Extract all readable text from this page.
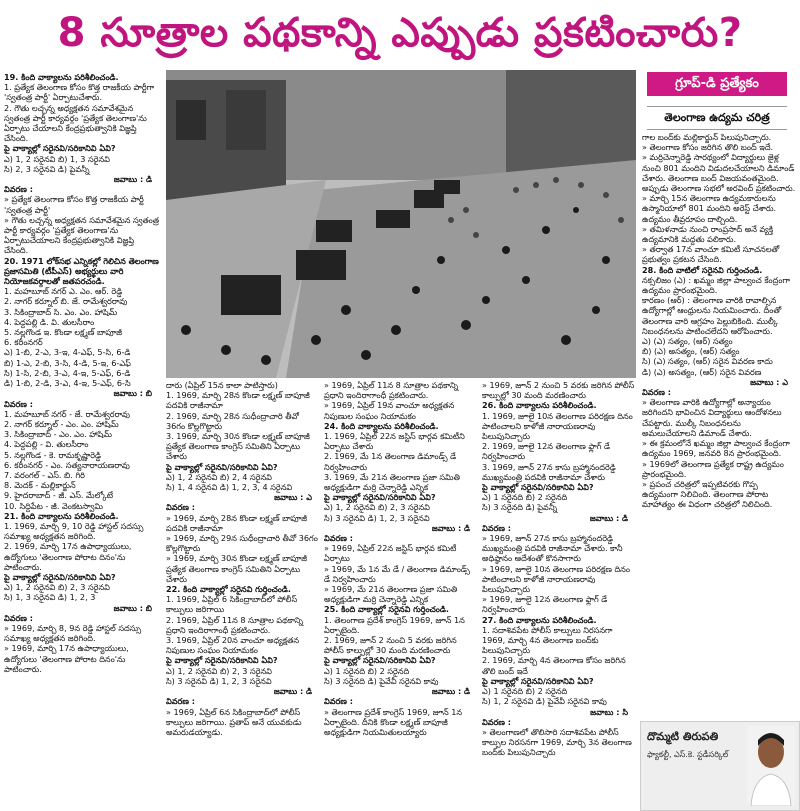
8 సూత్రాల పథకాన్ని ఎప్పుడు ప్రకటించారు?

19. కింది వాక్యాలను పరిశీలించండి.

1. ప్రత్యేక తెలంగాణ కోసం కొత్త రాజకీయ పార్టీగా 'స్వతంత్ర పార్టీ' ఏర్పాటుచేశారు.

2. గౌతు లచ్చన్న అధ్యక్షతన సమావేశమైన స్వతంత్ర పార్టీ కార్యవర్గం 'ప్రత్యేక తెలంగాణ'ను ఏర్పాటు చేయాలని కేంద్రప్రభుత్వానికి విజ్ఞప్తి చేసింది.

పై వాక్యాల్లో సరైనవి/సరికానివి ఏవి?

ఎ) 1, 2 సరైనవి బి) 1, 3 సరైనవి

సి) 2, 3 సరైనవి డి) పైవన్నీ

జవాబు : డి

వివరణ :

» ప్రత్యేక తెలంగాణ కోసం కొత్త రాజకీయ పార్టీ 'స్వతంత్ర పార్టీ'

» గౌతు లచ్చన్న అధ్యక్షతన సమావేశమైన స్వతంత్ర పార్టీ కార్యవర్గం 'ప్రత్యేక తెలంగాణ'ను ఏర్పాటుచేయాలని కేంద్రప్రభుత్వానికి విజ్ఞప్తి చేసింది.

20. 1971 లోక్‌సభ ఎన్నికల్లో గెలిచిన తెలంగాణ ప్రజాసమితి (టీపీఎస్) అభ్యర్థులు వారి నియోజకవర్గాలతో జతపరచండి.

1. మహబూబ్ నగర్ ఎ. ఎం. ఆర్. రెడ్డి

2. నాగర్ కర్నూల్ బి. జే. రామేశ్వరరావు

3. సికింద్రాబాద్ సి. ఎం. ఎం. హాషిమ్

4. పెద్దపల్లి డి. వి. తులసీరాం

5. నల్లగొండ ఇ. కొండా లక్ష్మణ్ బాపూజీ

6. కరీంనగర్

ఎ) 1-బి, 2-ఎ, 3-ఇ, 4-ఎఫ్, 5-సి, 6-డి

బి) 1-ఎ, 2-బి, 3-సి, 4-డి, 5-ఇ, 6-ఎఫ్

సి) 1-సి, 2-బి, 3-ఎ, 4-ఇ, 5-ఎఫ్, 6-డి

డి) 1-బి, 2-డి, 3-ఎ, 4-ఇ, 5-ఎఫ్, 6-సి

జవాబు : బి

వివరణ :

1. మహబూబ్ నగర్ - జే. రామేశ్వరరావు

2. నాగర్ కర్నూల్ - ఎం. ఎం. హాషిమ్

3. సికింద్రాబాద్ - ఎం. ఎం. హాషిమ్

4. పెద్దపల్లి - వి. తులసీరాం

5. నల్లగొండ - కె. రామకృష్ణారెడ్డి

6. కరీంనగర్ - ఎం. సత్యనారాయణరావు

7. వరంగల్ - ఎస్. బి. గిరి

8. మెదక్ - మల్లికార్జున్

9. హైదరాబాద్ - జీ. ఎస్. మేల్కోటే

10. సిద్దిపేట - జీ. వెంకటస్వామి

21. కింది వాక్యాలను పరిశీలించండి.

1. 1969, మార్చి 9, 10 రెడ్డి హాస్టల్ సదస్సు సమాఖ్య అధ్యక్షతన జరిగింది.

2. 1969, మార్చి 17న ఉపాధ్యాయులు, ఉద్యోగులు 'తెలంగాణ పోరాట దినం'ను పాటించారు.

పై వాక్యాల్లో సరైనవి/సరికానివి ఏవి?

ఎ) 1, 2 సరైనవి బి) 2, 3 సరైనవి

సి) 1, 3 సరైనవి డి) 1, 2, 3

జవాబు : బి

వివరణ :

» 1969, మార్చి 8, 9న రెడ్డి హాస్టల్ సదస్సు సమాఖ్య అధ్యక్షతన జరిగింది.

» 1969, మార్చి 17న ఉపాధ్యాయులు, ఉద్యోగులు 'తెలంగాణ పోరాట దినం'ను పాటించారు.

దారు (ఏప్రిల్ 15న కాలా పాటిస్తారు)

1. 1969, మార్చి 28న కొండా లక్ష్మణ్ బాపూజీ పదవికి రాజీనామా

2. 1969, మార్చి 28న సుధీంద్రాచారి తీవో 36గం కొల్లగొట్టారు

3. 1969, మార్చి 30న కొండా లక్ష్మణ్ బాపూజీ ప్రత్యేక తెలంగాణ కాంగ్రెస్ సమితిని ఏర్పాటు చేశారు

పై వాక్యాల్లో సరైనవి/సరికానివి ఏవి?

ఎ) 1, 2 సరైనవి బి) 2, 4 సరైనవి

సి) 1, 4 సరైనవి డి) 1, 2, 3, 4 సరైనవి

జవాబు : ఎ

వివరణ :

» 1969, మార్చి 28న కొండా లక్ష్మణ్ బాపూజీ పదవికి రాజీనామా

» 1969, మార్చి 29న సుధీంద్రాచారి తీవో 36గం కొల్లగొట్టారు

» 1969, మార్చి 30న కొండా లక్ష్మణ్ బాపూజీ ప్రత్యేక తెలంగాణ కాంగ్రెస్ సమితిని ఏర్పాటు చేశారు

22. కింది వాక్యాల్లో సరైనవి గుర్తించండి.

1. 1969, ఏప్రిల్ 6 సికింద్రాబాద్‌లో పోలీస్ కాల్పులు జరిగాయి

2. 1969, ఏప్రిల్ 11న 8 సూత్రాల పథకాన్ని ప్రధాని ఇందిరాగాంధీ ప్రకటించారు.

3. 1969, ఏప్రిల్ 20న వాంచూ అధ్యక్షతన నిపుణుల సంఘం నియామకం

పై వాక్యాల్లో సరైనవి/సరికానివి ఏవి?

ఎ) 1, 2 సరైనవి బి) 2, 3 సరైనవి

సి) 3 సరైనవి డి) 1, 2, 3 సరైనవి

జవాబు : డి

వివరణ :

» 1969, ఏప్రిల్ 6న సికింద్రాబాద్‌లో పోలీస్ కాల్పులు జరిగాయి. ప్రతాప్ అనే యువకుడు అమరుడయ్యాడు.

» 1969, ఏప్రిల్ 11న 8 సూత్రాల పథకాన్ని ప్రధాని ఇందిరాగాంధీ ప్రకటించారు.

» 1969, ఏప్రిల్ 19న వాంచూ అధ్యక్షతన నిపుణుల సంఘం నియామకం

24. కింది వాక్యాలను పరిశీలించండి.

1. 1969, ఏప్రిల్ 22న జస్టిస్ భార్గవ కమిటీని ఏర్పాటు చేశారు

2. 1969, మే 1న తెలంగాణ డిమాండ్స్ డే నిర్వహించారు

3. 1969, మే 21న తెలంగాణ ప్రజా సమితి అధ్యక్షుడిగా మర్రి చెన్నారెడ్డి ఎన్నిక

పై వాక్యాల్లో సరైనవి/సరికానివి ఏవి?

ఎ) 1, 2 సరైనవి బి) 2, 3 సరైనవి

సి) 3 సరైనవి డి) 1, 2, 3 సరైనవి

జవాబు : డి

వివరణ :

» 1969, ఏప్రిల్ 22న జస్టిస్ భార్గవ కమిటీ ఏర్పాటు

» 1969, మే 1న మే డే / తెలంగాణ డిమాండ్స్ డే నిర్వహించారు

» 1969, మే 21న తెలంగాణ ప్రజా సమితి అధ్యక్షుడిగా మర్రి చెన్నారెడ్డి ఎన్నిక

25. కింది వాక్యాల్లో సరైనవి గుర్తించండి.

1. తెలంగాణ ప్రదేశ్ కాంగ్రెస్ 1969, జూన్ 1న ఏర్పాటైంది.

2. 1969, జూన్ 2 నుంచి 5 వరకు జరిగిన పోలీస్ కాల్పుల్లో 30 మంది మరణించారు

పై వాక్యాల్లో సరైనవి/సరికానివి ఏవి?

ఎ) 1 సరైనది బి) 2 సరైనది

సి) 3 సరైనది డి) పైవేవీ సరైనవి కావు

జవాబు : డి

వివరణ :

» తెలంగాణ ప్రదేశ్ కాంగ్రెస్ 1969, జూన్ 1న ఏర్పాటైంది. దీనికి కొండా లక్ష్మణ్ బాపూజీ అధ్యక్షుడిగా నియమితులయ్యారు

» 1969, జూన్ 2 నుంచి 5 వరకు జరిగిన పోలీస్ కాల్పుల్లో 30 మంది మరణించారు

26. కింది వాక్యాలను పరిశీలించండి.

1. 1969, జూలై 10న తెలంగాణ పరిరక్షణ దినం పాటించాలని కాళోజీ నారాయణరావు పిలుపునిచ్చారు

2. 1969, జూలై 12న తెలంగాణ ఫ్లాగ్ డే నిర్వహించారు

3. 1969, జూన్ 27న కాసు బ్రహ్మానందరెడ్డి ముఖ్యమంత్రి పదవికి రాజీనామా చేశారు

పై వాక్యాల్లో సరైనవి/సరికానివి ఏవి?

ఎ) 1 సరైనది బి) 2 సరైనది

సి) 3 సరైనది డి) పైవన్నీ

జవాబు : డి

వివరణ :

» 1969, జూన్ 27న కాసు బ్రహ్మానందరెడ్డి ముఖ్యమంత్రి పదవికి రాజీనామా చేశారు. కానీ అధిష్ఠానం ఆదేశంతో కొనసాగారు

» 1969, జూలై 10న తెలంగాణ పరిరక్షణ దినం పాటించాలని కాళోజీ నారాయణరావు పిలుపునిచ్చారు

» 1969, జూలై 12న తెలంగాణ ఫ్లాగ్ డే నిర్వహించారు

27. కింది వాక్యాలను పరిశీలించండి.

1. సదాశివపేట పోలీస్ కాల్పులు నిరసనగా 1969, మార్చి 4న తెలంగాణ బంద్‌కు పిలుపునిచ్చారు

2. 1969, మార్చి 4న తెలంగాణ కోసం జరిగిన తొలి బంద్ ఇదే

పై వాక్యాల్లో సరైనవి/సరికానివి ఏవి?

ఎ) 1 సరైనది బి) 2 సరైనది

సి) 1, 2 సరైనవి డి) పైవేవీ సరైనవి కావు

జవాబు : సి

వివరణ :

» తెలంగాణలో తొలిసారి సదాశివపేట పోలీస్ కాల్పుల నిరసనగా 1969, మార్చి 3న తెలంగాణ బంద్‌కు పిలుపునిచ్చారు

గ్రూప్-డి ప్రత్యేకం
తెలంగాణ ఉద్యమ చరిత్ర

గాల బంద్‌కు మల్లికార్జున్ పిలుపునిచ్చారు.

» తెలంగాణ కోసం జరిగిన తొలి బంద్ ఇదే.

» మర్రిచెన్నారెడ్డి సారథ్యంలో విద్యార్థులు జైళ్ల నుంచి 801 మందిని విడుదలచేయాలని డిమాండ్ చేశారు. తెలంగాణ బంద్ విజయవంతమైంది. అప్పుడు తెలంగాణ సభలో అరవింద్ ప్రకటించారు.

» మార్చి 15న తెలంగాణ ఉద్యమకారులను ఉస్మానియాలో 801 మందిని అరెస్ట్ చేశారు. ఉద్యమం తీవ్రరూపం దాల్చింది.

» తమిళనాడు నుంచి రాంప్రసాద్ అనే వ్యక్తి ఉద్యమానికి మద్దతు పలికారు.

» తర్వాత 17న వాంచూ కమిటీ సూచనలతో ప్రభుత్వం ప్రకటన చేసింది.

28. కింది వాటిలో సరైనవి గుర్తించండి.

నక్సలిజం (ఎ) : ఖమ్మం జిల్లా పాల్వంచ కేంద్రంగా ఉద్యమం ప్రారంభమైంది.

కారణం (ఆర్) : తెలంగాణ వారికి రావాల్సిన ఉద్యోగాల్లో ఆంధ్రులను నియమించారు. దీంతో తెలంగాణ వారి ఆగ్రహం పెల్లుబికింది. ముల్కీ నిబంధనలను పాటించలేదని ఆరోపించారు.

ఎ) (ఎ) సత్యం, (ఆర్) సత్యం

బి) (ఎ) అసత్యం, (ఆర్) సత్యం

సి) (ఎ) సత్యం, (ఆర్) సరైన వివరణ కాదు

డి) (ఎ) అసత్యం, (ఆర్) సరైన వివరణ

జవాబు : ఎ

వివరణ :

» తెలంగాణ వారికి ఉద్యోగాల్లో అన్యాయం జరిగిందని భావించిన విద్యార్థులు ఆందోళనలు చేపట్టారు. ముల్కీ నిబంధనలను అమలుచేయాలని డిమాండ్ చేశారు.

» ఈ క్రమంలోనే ఖమ్మం జిల్లా పాల్వంచ కేంద్రంగా ఉద్యమం 1969, జనవరి 8న ప్రారంభమైంది.

» 1969లో తెలంగాణ ప్రత్యేక రాష్ట్ర ఉద్యమం ప్రారంభమైంది.

» ప్రపంచ చరిత్రలో ఇప్పటివరకు గొప్ప ఉద్యమంగా నిలిచింది. తెలంగాణ పోరాట మాహాత్యం ఈ విధంగా చరిత్రలో నిలిచింది.

దొమ్మటి తిరుపతి
ఫ్యాకల్టీ, ఎస్.కె. స్టడీసర్కిల్
